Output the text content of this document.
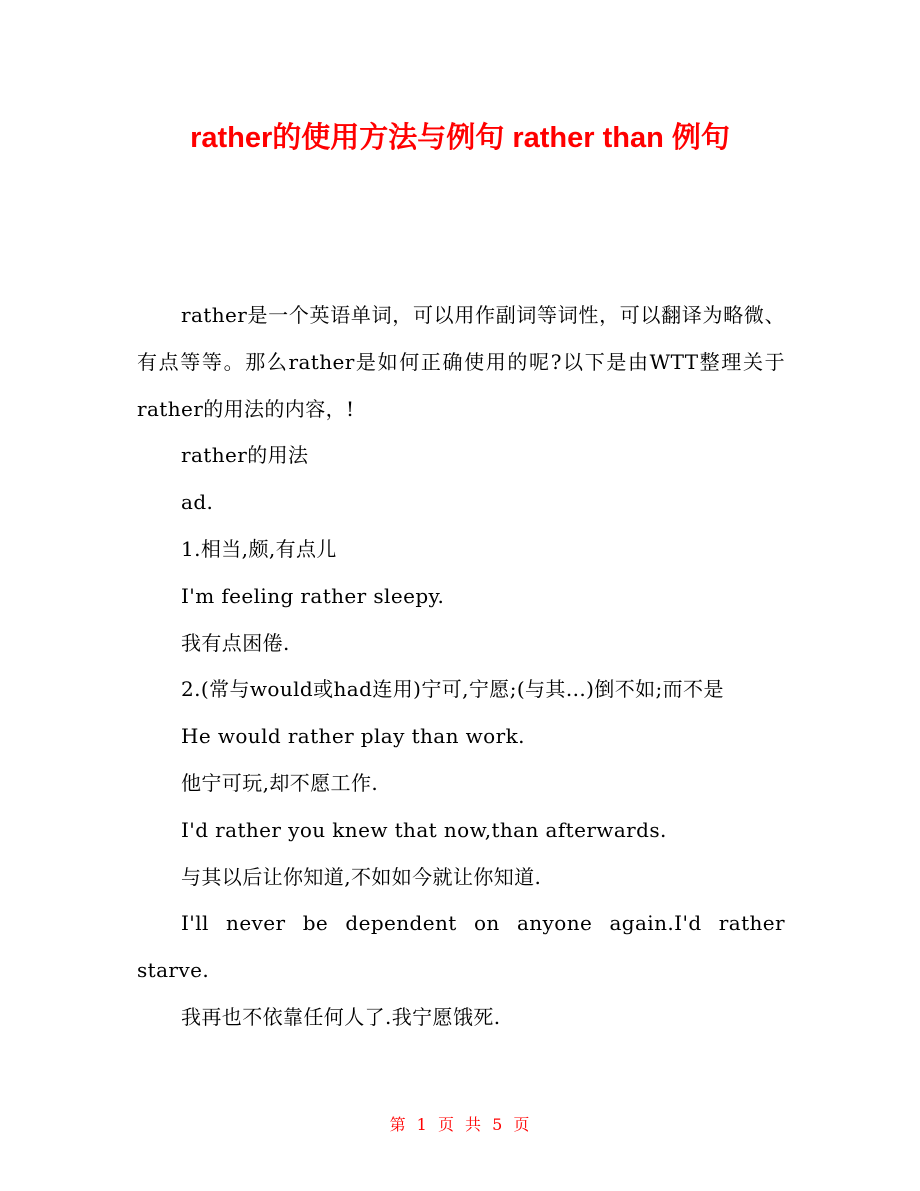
rather的使用方法与例句 rather than 例句

rather是一个英语单词，可以用作副词等词性，可以翻译为略微、有点等等。那么rather是如何正确使用的呢?以下是由WTT整理关于rather的用法的内容，!

rather的用法

ad.

1.相当,颇,有点儿

I'm feeling rather sleepy.

我有点困倦.

2.(常与would或had连用)宁可,宁愿;(与其...)倒不如;而不是

He would rather play than work.

他宁可玩,却不愿工作.

I'd rather you knew that now,than afterwards.

与其以后让你知道,不如如今就让你知道.

I'll never be dependent on anyone again.I'd rather starve.

我再也不依靠任何人了.我宁愿饿死.

第 1 页 共 5 页
